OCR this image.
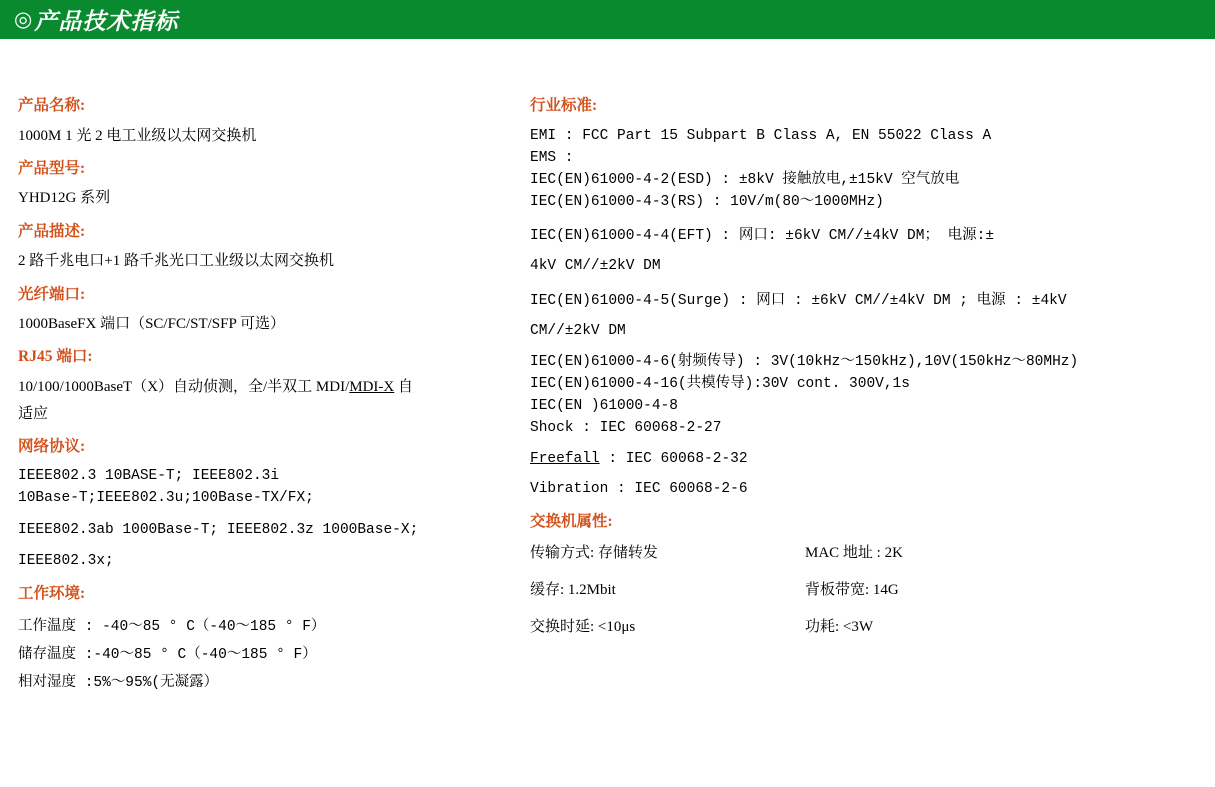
◎ 产品技术指标
产品名称:
1000M 1 光 2 电工业级以太网交换机
产品型号:
YHD12G 系列
产品描述:
2 路千兆电口+1 路千兆光口工业级以太网交换机
光纤端口:
1000BaseFX 端口（SC/FC/ST/SFP 可选）
RJ45 端口:
10/100/1000BaseT（X）自动侦测，全/半双工 MDI/MDI-X 自
适应
网络协议:
IEEE802.3 10BASE-T; IEEE802.3i
10Base-T;IEEE802.3u;100Base-TX/FX;
IEEE802.3ab 1000Base-T; IEEE802.3z 1000Base-X;
IEEE802.3x;
工作环境:
工作温度 : -40～85 ° C（-40～185 ° F）
储存温度 :-40～85 ° C（-40～185 ° F）
相对湿度 :5%～95%(无凝露）
行业标准:
EMI : FCC Part 15 Subpart B Class A, EN 55022 Class A
EMS :
IEC(EN)61000-4-2(ESD) : ±8kV 接触放电,±15kV 空气放电
IEC(EN)61000-4-3(RS) : 10V/m(80～1000MHz)
IEC(EN)61000-4-4(EFT) : 网口: ±6kV CM//±4kV DM； 电源:±
4kV CM//±2kV DM
IEC(EN)61000-4-5(Surge) : 网口 : ±6kV CM//±4kV DM ; 电源 : ±4kV
CM//±2kV DM
IEC(EN)61000-4-6(射频传导) : 3V(10kHz～150kHz),10V(150kHz～80MHz)
IEC(EN)61000-4-16(共模传导):30V cont. 300V,1s
IEC(EN )61000-4-8
Shock : IEC 60068-2-27
Freefall : IEC 60068-2-32
Vibration : IEC 60068-2-6
交换机属性:
传输方式: 存储转发	MAC 地址 : 2K
缓存: 1.2Mbit	背板带宽: 14G
交换时延: <10μs	功耗: <3W
